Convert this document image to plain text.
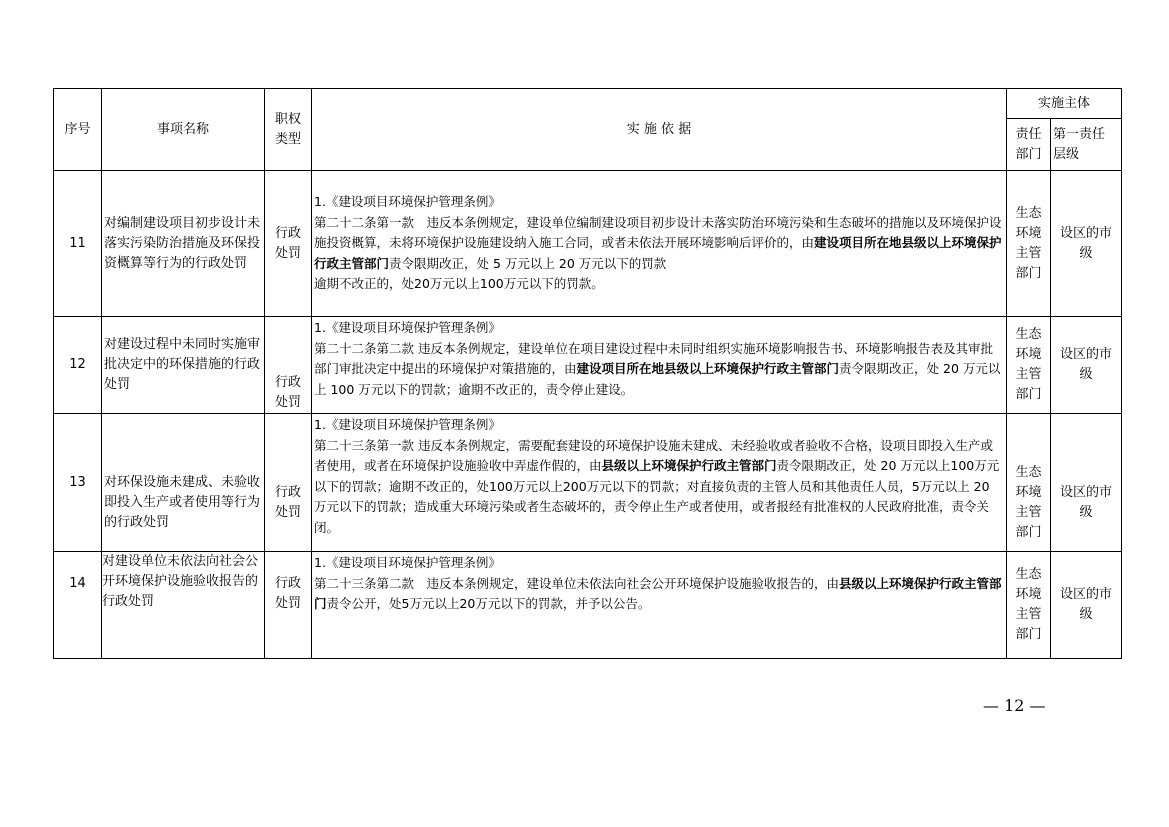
序号	事项名称	职权类型	实 施 依 据	实施主体	

				责任部门	第一责任层级

11	对编制建设项目初步设计未落实污染防治措施及环保投资概算等行为的行政处罚	行政处罚	1.《建设项目环境保护管理条例》
第二十二条第一款　违反本条例规定，建设单位编制建设项目初步设计未落实防治环境污染和生态破坏的措施以及环境保护设施投资概算，未将环境保护设施建设纳入施工合同，或者未依法开展环境影响后评价的，由建设项目所在地县级以上环境保护行政主管部门责令限期改正，处 5 万元以上 20 万元以下的罚款
逾期不改正的，处20万元以上100万元以下的罚款。	生态环境主管部门	设区的市级

12	对建设过程中未同时实施审批决定中的环保措施的行政处罚	行政处罚	1.《建设项目环境保护管理条例》
第二十二条第二款 违反本条例规定，建设单位在项目建设过程中未同时组织实施环境影响报告书、环境影响报告表及其审批部门审批决定中提出的环境保护对策措施的，由建设项目所在地县级以上环境保护行政主管部门责令限期改正，处 20 万元以上 100 万元以下的罚款；逾期不改正的，责令停止建设。	生态环境主管部门	设区的市级

13	对环保设施未建成、未验收即投入生产或者使用等行为的行政处罚	行政处罚	1.《建设项目环境保护管理条例》
第二十三条第一款 违反本条例规定，需要配套建设的环境保护设施未建成、未经验收或者验收不合格，设项目即投入生产或者使用，或者在环境保护设施验收中弄虚作假的，由县级以上环境保护行政主管部门责令限期改正，处 20 万元以上100万元以下的罚款；逾期不改正的，处100万元以上200万元以下的罚款；对直接负责的主管人员和其他责任人员，5万元以上 20 万元以下的罚款；造成重大环境污染或者生态破坏的，责令停止生产或者使用，或者报经有批准权的人民政府批准，责令关闭。	生态环境主管部门	设区的市级

14	对建设单位未依法向社会公开环境保护设施验收报告的行政处罚	行政处罚	1.《建设项目环境保护管理条例》
第二十三条第二款　违反本条例规定，建设单位未依法向社会公开环境保护设施验收报告的，由县级以上环境保护行政主管部门责令公开，处5万元以上20万元以下的罚款，并予以公告。	生态环境主管部门	设区的市级
— 12 —
